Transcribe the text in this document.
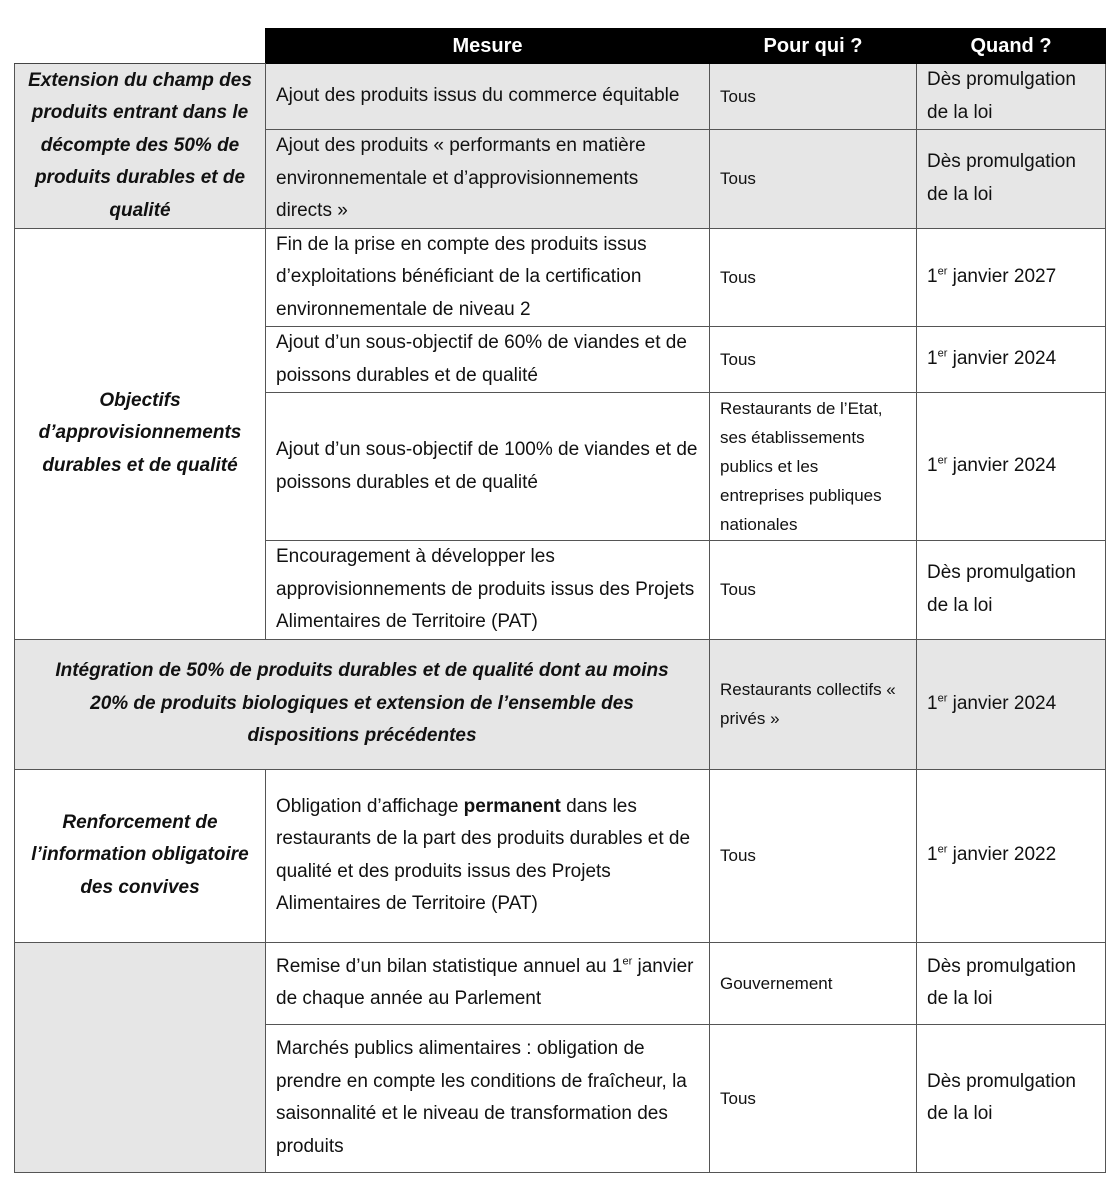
	Mesure	Pour qui ?	Quand ?
Extension du champ des produits entrant dans le décompte des 50% de produits durables et de qualité	Ajout des produits issus du commerce équitable	Tous	Dès promulgation de la loi
	Ajout des produits « performants en matière environnementale et d’approvisionnements directs »	Tous	Dès promulgation de la loi
Objectifs d’approvisionnements durables et de qualité	Fin de la prise en compte des produits issus d’exploitations bénéficiant de la certification environnementale de niveau 2	Tous	1er janvier 2027
	Ajout d’un sous-objectif de 60% de viandes et de poissons durables et de qualité	Tous	1er janvier 2024
	Ajout d’un sous-objectif de 100% de viandes et de poissons durables et de qualité	Restaurants de l’Etat, ses établissements publics et les entreprises publiques nationales	1er janvier 2024
	Encouragement à développer les approvisionnements de produits issus des Projets Alimentaires de Territoire (PAT)	Tous	Dès promulgation de la loi
Intégration de 50% de produits durables et de qualité dont au moins 20% de produits biologiques et extension de l’ensemble des dispositions précédentes		Restaurants collectifs « privés »	1er janvier 2024
Renforcement de l’information obligatoire des convives	Obligation d’affichage permanent dans les restaurants de la part des produits durables et de qualité et des produits issus des Projets Alimentaires de Territoire (PAT)	Tous	1er janvier 2022
	Remise d’un bilan statistique annuel au 1er janvier de chaque année au Parlement	Gouvernement	Dès promulgation de la loi
	Marchés publics alimentaires : obligation de prendre en compte les conditions de fraîcheur, la saisonnalité et le niveau de transformation des produits	Tous	Dès promulgation de la loi
